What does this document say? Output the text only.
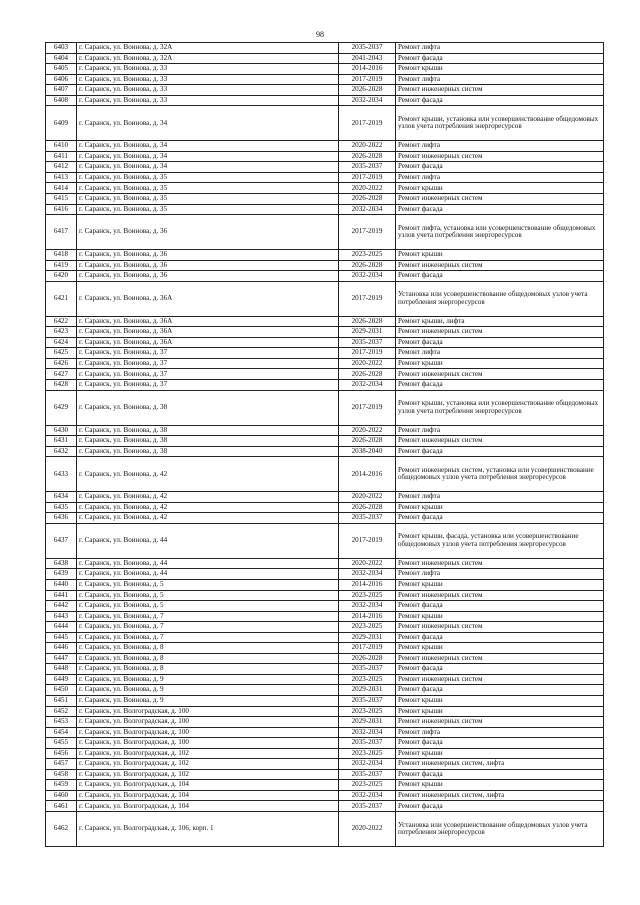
98
6403	г. Саранск, ул. Воинова, д. 32А	2035-2037	Ремонт лифта
6404	г. Саранск, ул. Воинова, д. 32А	2041-2043	Ремонт фасада
6405	г. Саранск, ул. Воинова, д. 33	2014-2016	Ремонт крыши
6406	г. Саранск, ул. Воинова, д. 33	2017-2019	Ремонт лифта
6407	г. Саранск, ул. Воинова, д. 33	2026-2028	Ремонт инженерных систем
6408	г. Саранск, ул. Воинова, д. 33	2032-2034	Ремонт фасада
6409	г. Саранск, ул. Воинова, д. 34	2017-2019	Ремонт крыши, установка или усовершенствование общедомовых узлов учета потребления энергоресурсов
6410	г. Саранск, ул. Воинова, д. 34	2020-2022	Ремонт лифта
6411	г. Саранск, ул. Воинова, д. 34	2026-2028	Ремонт инженерных систем
6412	г. Саранск, ул. Воинова, д. 34	2035-2037	Ремонт фасада
6413	г. Саранск, ул. Воинова, д. 35	2017-2019	Ремонт лифта
6414	г. Саранск, ул. Воинова, д. 35	2020-2022	Ремонт крыши
6415	г. Саранск, ул. Воинова, д. 35	2026-2028	Ремонт инженерных систем
6416	г. Саранск, ул. Воинова, д. 35	2032-2034	Ремонт фасада
6417	г. Саранск, ул. Воинова, д. 36	2017-2019	Ремонт лифта, установка или усовершенствование общедомовых узлов учета потребления энергоресурсов
6418	г. Саранск, ул. Воинова, д. 36	2023-2025	Ремонт крыши
6419	г. Саранск, ул. Воинова, д. 36	2026-2028	Ремонт инженерных систем
6420	г. Саранск, ул. Воинова, д. 36	2032-2034	Ремонт фасада
6421	г. Саранск, ул. Воинова, д. 36А	2017-2019	Установка или усовершенствование общедомовых узлов учета потребления энергоресурсов
6422	г. Саранск, ул. Воинова, д. 36А	2026-2028	Ремонт крыши, лифта
6423	г. Саранск, ул. Воинова, д. 36А	2029-2031	Ремонт инженерных систем
6424	г. Саранск, ул. Воинова, д. 36А	2035-2037	Ремонт фасада
6425	г. Саранск, ул. Воинова, д. 37	2017-2019	Ремонт лифта
6426	г. Саранск, ул. Воинова, д. 37	2020-2022	Ремонт крыши
6427	г. Саранск, ул. Воинова, д. 37	2026-2028	Ремонт инженерных систем
6428	г. Саранск, ул. Воинова, д. 37	2032-2034	Ремонт фасада
6429	г. Саранск, ул. Воинова, д. 38	2017-2019	Ремонт крыши, установка или усовершенствование общедомовых узлов учета потребления энергоресурсов
6430	г. Саранск, ул. Воинова, д. 38	2020-2022	Ремонт лифта
6431	г. Саранск, ул. Воинова, д. 38	2026-2028	Ремонт инженерных систем
6432	г. Саранск, ул. Воинова, д. 38	2038-2040	Ремонт фасада
6433	г. Саранск, ул. Воинова, д. 42	2014-2016	Ремонт инженерных систем, установка или усовершенствование общедомовых узлов учета потребления энергоресурсов
6434	г. Саранск, ул. Воинова, д. 42	2020-2022	Ремонт лифта
6435	г. Саранск, ул. Воинова, д. 42	2026-2028	Ремонт крыши
6436	г. Саранск, ул. Воинова, д. 42	2035-2037	Ремонт фасада
6437	г. Саранск, ул. Воинова, д. 44	2017-2019	Ремонт крыши, фасада, установка или усовершенствование общедомовых узлов учета потребления энергоресурсов
6438	г. Саранск, ул. Воинова, д. 44	2020-2022	Ремонт инженерных систем
6439	г. Саранск, ул. Воинова, д. 44	2032-2034	Ремонт лифта
6440	г. Саранск, ул. Воинова, д. 5	2014-2016	Ремонт крыши
6441	г. Саранск, ул. Воинова, д. 5	2023-2025	Ремонт инженерных систем
6442	г. Саранск, ул. Воинова, д. 5	2032-2034	Ремонт фасада
6443	г. Саранск, ул. Воинова, д. 7	2014-2016	Ремонт крыши
6444	г. Саранск, ул. Воинова, д. 7	2023-2025	Ремонт инженерных систем
6445	г. Саранск, ул. Воинова, д. 7	2029-2031	Ремонт фасада
6446	г. Саранск, ул. Воинова, д. 8	2017-2019	Ремонт крыши
6447	г. Саранск, ул. Воинова, д. 8	2026-2028	Ремонт инженерных систем
6448	г. Саранск, ул. Воинова, д. 8	2035-2037	Ремонт фасада
6449	г. Саранск, ул. Воинова, д. 9	2023-2025	Ремонт инженерных систем
6450	г. Саранск, ул. Воинова, д. 9	2029-2031	Ремонт фасада
6451	г. Саранск, ул. Воинова, д. 9	2035-2037	Ремонт крыши
6452	г. Саранск, ул. Волгоградская, д. 100	2023-2025	Ремонт крыши
6453	г. Саранск, ул. Волгоградская, д. 100	2029-2031	Ремонт инженерных систем
6454	г. Саранск, ул. Волгоградская, д. 100	2032-2034	Ремонт лифта
6455	г. Саранск, ул. Волгоградская, д. 100	2035-2037	Ремонт фасада
6456	г. Саранск, ул. Волгоградская, д. 102	2023-2025	Ремонт крыши
6457	г. Саранск, ул. Волгоградская, д. 102	2032-2034	Ремонт инженерных систем, лифта
6458	г. Саранск, ул. Волгоградская, д. 102	2035-2037	Ремонт фасада
6459	г. Саранск, ул. Волгоградская, д. 104	2023-2025	Ремонт крыши
6460	г. Саранск, ул. Волгоградская, д. 104	2032-2034	Ремонт инженерных систем, лифта
6461	г. Саранск, ул. Волгоградская, д. 104	2035-2037	Ремонт фасада
6462	г. Саранск, ул. Волгоградская, д. 106, корп. 1	2020-2022	Установка или усовершенствование общедомовых узлов учета потребления энергоресурсов
